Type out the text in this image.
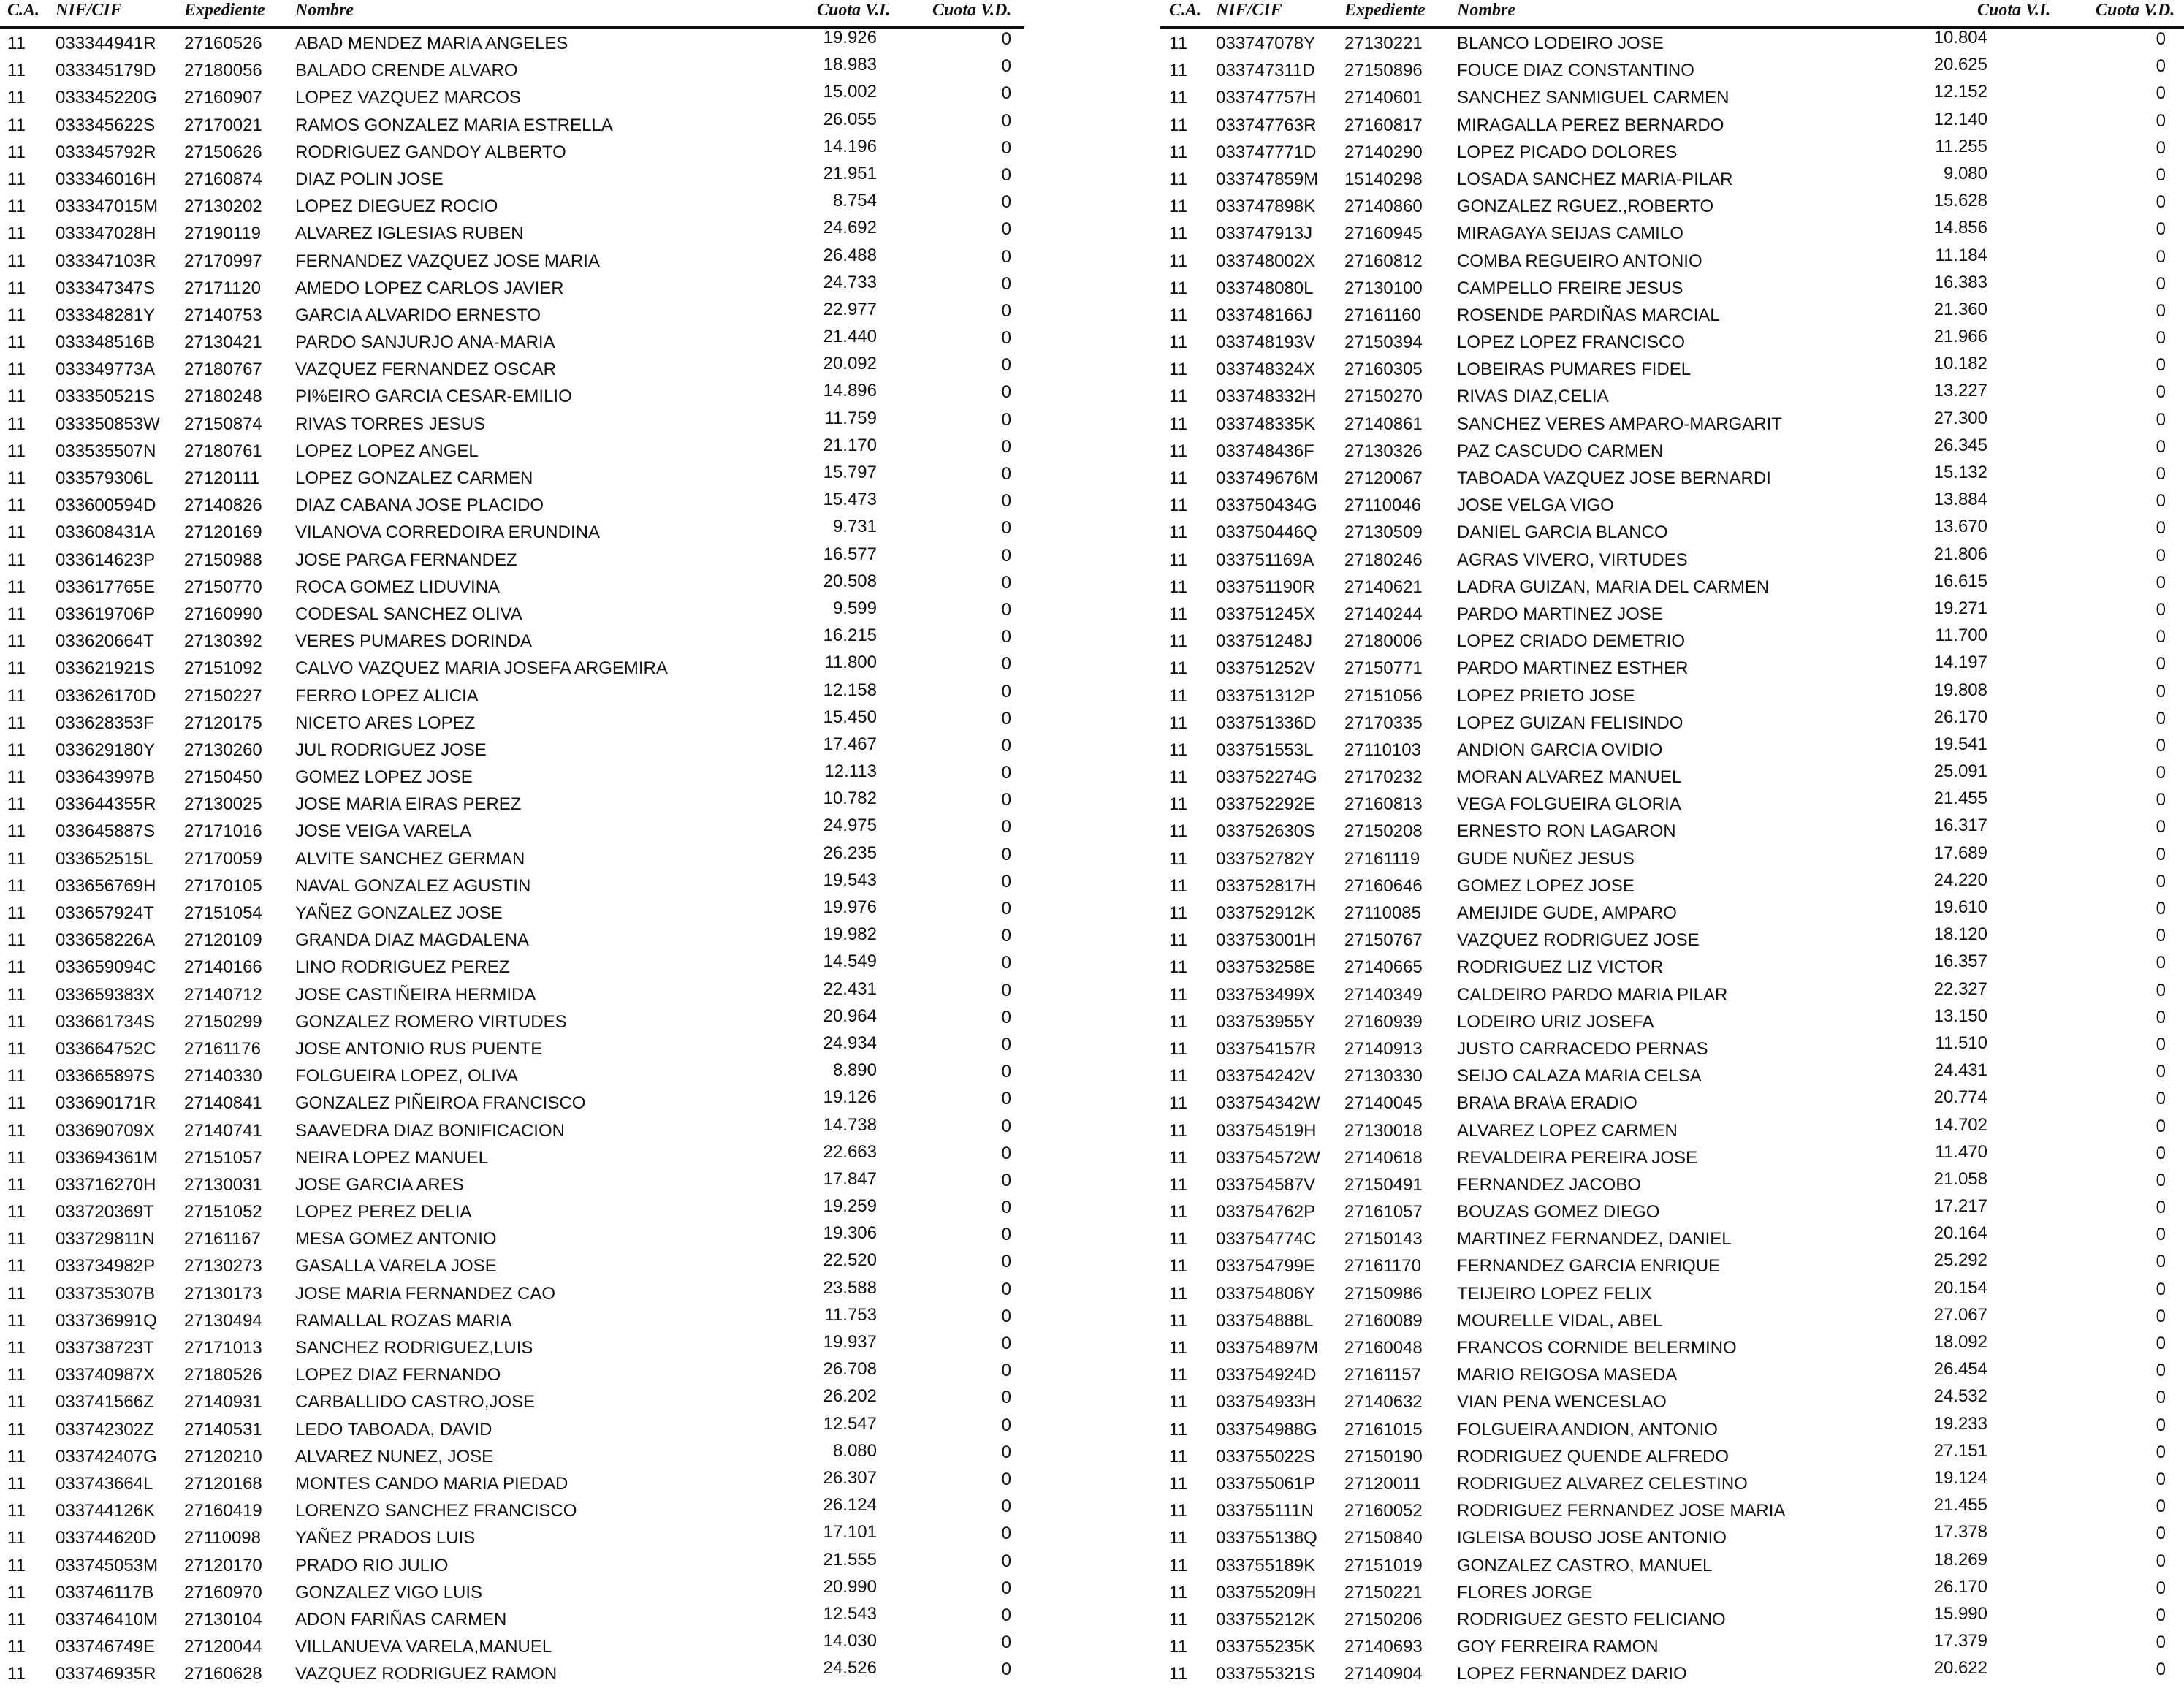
C.A. NIF/CIF	Expediente Nombre	Cuota V.I. Cuota V.D.
11 033344941R 27160526 ABAD MENDEZ MARIA ANGELES	19.926	0
11 033345179D 27180056 BALADO CRENDE ALVARO	18.983	0
11 033345220G 27160907 LOPEZ VAZQUEZ MARCOS	15.002	0
11 033345622S 27170021 RAMOS GONZALEZ MARIA ESTRELLA	26.055	0
11 033345792R 27150626 RODRIGUEZ GANDOY ALBERTO	14.196	0
11 033346016H 27160874 DIAZ POLIN JOSE	21.951	0
11 033347015M 27130202 LOPEZ DIEGUEZ ROCIO	8.754	0
11 033347028H 27190119 ALVAREZ IGLESIAS RUBEN	24.692	0
11 033347103R 27170997 FERNANDEZ VAZQUEZ JOSE MARIA	26.488	0
11 033347347S 27171120 AMEDO LOPEZ CARLOS JAVIER	24.733	0
11 033348281Y 27140753 GARCIA ALVARIDO ERNESTO	22.977	0
11 033348516B 27130421 PARDO SANJURJO ANA-MARIA	21.440	0
11 033349773A 27180767 VAZQUEZ FERNANDEZ OSCAR	20.092	0
11 033350521S 27180248 PI%EIRO GARCIA CESAR-EMILIO	14.896	0
11 033350853W 27150874 RIVAS TORRES JESUS	11.759	0
11 033535507N 27180761 LOPEZ LOPEZ ANGEL	21.170	0
11 033579306L 27120111 LOPEZ GONZALEZ CARMEN	15.797	0
11 033600594D 27140826 DIAZ CABANA JOSE PLACIDO	15.473	0
11 033608431A 27120169 VILANOVA CORREDOIRA ERUNDINA	9.731	0
11 033614623P 27150988 JOSE PARGA FERNANDEZ	16.577	0
11 033617765E 27150770 ROCA GOMEZ LIDUVINA	20.508	0
11 033619706P 27160990 CODESAL SANCHEZ OLIVA	9.599	0
11 033620664T 27130392 VERES PUMARES DORINDA	16.215	0
11 033621921S 27151092 CALVO VAZQUEZ MARIA JOSEFA ARGEMIRA	11.800	0
11 033626170D 27150227 FERRO LOPEZ ALICIA	12.158	0
11 033628353F 27120175 NICETO ARES LOPEZ	15.450	0
11 033629180Y 27130260 JUL RODRIGUEZ JOSE	17.467	0
11 033643997B 27150450 GOMEZ LOPEZ JOSE	12.113	0
11 033644355R 27130025 JOSE MARIA EIRAS PEREZ	10.782	0
11 033645887S 27171016 JOSE VEIGA VARELA	24.975	0
11 033652515L 27170059 ALVITE SANCHEZ GERMAN	26.235	0
11 033656769H 27170105 NAVAL GONZALEZ AGUSTIN	19.543	0
11 033657924T 27151054 YAÑEZ GONZALEZ JOSE	19.976	0
11 033658226A 27120109 GRANDA DIAZ MAGDALENA	19.982	0
11 033659094C 27140166 LINO RODRIGUEZ PEREZ	14.549	0
11 033659383X 27140712 JOSE CASTIÑEIRA HERMIDA	22.431	0
11 033661734S 27150299 GONZALEZ ROMERO VIRTUDES	20.964	0
11 033664752C 27161176 JOSE ANTONIO RUS PUENTE	24.934	0
11 033665897S 27140330 FOLGUEIRA LOPEZ, OLIVA	8.890	0
11 033690171R 27140841 GONZALEZ PIÑEIROA FRANCISCO	19.126	0
11 033690709X 27140741 SAAVEDRA DIAZ BONIFICACION	14.738	0
11 033694361M 27151057 NEIRA LOPEZ MANUEL	22.663	0
11 033716270H 27130031 JOSE GARCIA ARES	17.847	0
11 033720369T 27151052 LOPEZ PEREZ DELIA	19.259	0
11 033729811N 27161167 MESA GOMEZ ANTONIO	19.306	0
11 033734982P 27130273 GASALLA VARELA JOSE	22.520	0
11 033735307B 27130173 JOSE MARIA FERNANDEZ CAO	23.588	0
11 033736991Q 27130494 RAMALLAL ROZAS MARIA	11.753	0
11 033738723T 27171013 SANCHEZ RODRIGUEZ,LUIS	19.937	0
11 033740987X 27180526 LOPEZ DIAZ FERNANDO	26.708	0
11 033741566Z 27140931 CARBALLIDO CASTRO,JOSE	26.202	0
11 033742302Z 27140531 LEDO TABOADA, DAVID	12.547	0
11 033742407G 27120210 ALVAREZ NUNEZ, JOSE	8.080	0
11 033743664L 27120168 MONTES CANDO MARIA PIEDAD	26.307	0
11 033744126K 27160419 LORENZO SANCHEZ FRANCISCO	26.124	0
11 033744620D 27110098 YAÑEZ PRADOS LUIS	17.101	0
11 033745053M 27120170 PRADO RIO JULIO	21.555	0
11 033746117B 27160970 GONZALEZ VIGO LUIS	20.990	0
11 033746410M 27130104 ADON FARIÑAS CARMEN	12.543	0
11 033746749E 27120044 VILLANUEVA VARELA,MANUEL	14.030	0
11 033746935R 27160628 VAZQUEZ RODRIGUEZ RAMON	24.526	0
C.A. NIF/CIF	Expediente Nombre	Cuota V.I.	Cuota V.D.
11 033747078Y 27130221 BLANCO LODEIRO JOSE	10.804	0
11 033747311D 27150896 FOUCE DIAZ CONSTANTINO	20.625	0
11 033747757H 27140601 SANCHEZ SANMIGUEL CARMEN	12.152	0
11 033747763R 27160817 MIRAGALLA PEREZ BERNARDO	12.140	0
11 033747771D 27140290 LOPEZ PICADO DOLORES	11.255	0
11 033747859M 15140298 LOSADA SANCHEZ MARIA-PILAR	9.080	0
11 033747898K 27140860 GONZALEZ RGUEZ.,ROBERTO	15.628	0
11 033747913J 27160945 MIRAGAYA SEIJAS CAMILO	14.856	0
11 033748002X 27160812 COMBA REGUEIRO ANTONIO	11.184	0
11 033748080L 27130100 CAMPELLO FREIRE JESUS	16.383	0
11 033748166J 27161160 ROSENDE PARDIÑAS MARCIAL	21.360	0
11 033748193V 27150394 LOPEZ LOPEZ FRANCISCO	21.966	0
11 033748324X 27160305 LOBEIRAS PUMARES FIDEL	10.182	0
11 033748332H 27150270 RIVAS DIAZ,CELIA	13.227	0
11 033748335K 27140861 SANCHEZ VERES AMPARO-MARGARIT	27.300	0
11 033748436F 27130326 PAZ CASCUDO CARMEN	26.345	0
11 033749676M 27120067 TABOADA VAZQUEZ JOSE BERNARDI	15.132	0
11 033750434G 27110046 JOSE VELGA VIGO	13.884	0
11 033750446Q 27130509 DANIEL GARCIA BLANCO	13.670	0
11 033751169A 27180246 AGRAS VIVERO, VIRTUDES	21.806	0
11 033751190R 27140621 LADRA GUIZAN, MARIA DEL CARMEN	16.615	0
11 033751245X 27140244 PARDO MARTINEZ JOSE	19.271	0
11 033751248J 27180006 LOPEZ CRIADO DEMETRIO	11.700	0
11 033751252V 27150771 PARDO MARTINEZ ESTHER	14.197	0
11 033751312P 27151056 LOPEZ PRIETO JOSE	19.808	0
11 033751336D 27170335 LOPEZ GUIZAN FELISINDO	26.170	0
11 033751553L 27110103 ANDION GARCIA OVIDIO	19.541	0
11 033752274G 27170232 MORAN ALVAREZ MANUEL	25.091	0
11 033752292E 27160813 VEGA FOLGUEIRA GLORIA	21.455	0
11 033752630S 27150208 ERNESTO RON LAGARON	16.317	0
11 033752782Y 27161119 GUDE NUÑEZ JESUS	17.689	0
11 033752817H 27160646 GOMEZ LOPEZ JOSE	24.220	0
11 033752912K 27110085 AMEIJIDE GUDE, AMPARO	19.610	0
11 033753001H 27150767 VAZQUEZ RODRIGUEZ JOSE	18.120	0
11 033753258E 27140665 RODRIGUEZ LIZ VICTOR	16.357	0
11 033753499X 27140349 CALDEIRO PARDO MARIA PILAR	22.327	0
11 033753955Y 27160939 LODEIRO URIZ JOSEFA	13.150	0
11 033754157R 27140913 JUSTO CARRACEDO PERNAS	11.510	0
11 033754242V 27130330 SEIJO CALAZA MARIA CELSA	24.431	0
11 033754342W 27140045 BRA\A BRA\A ERADIO	20.774	0
11 033754519H 27130018 ALVAREZ LOPEZ CARMEN	14.702	0
11 033754572W 27140618 REVALDEIRA PEREIRA JOSE	11.470	0
11 033754587V 27150491 FERNANDEZ JACOBO	21.058	0
11 033754762P 27161057 BOUZAS GOMEZ DIEGO	17.217	0
11 033754774C 27150143 MARTINEZ FERNANDEZ, DANIEL	20.164	0
11 033754799E 27161170 FERNANDEZ GARCIA ENRIQUE	25.292	0
11 033754806Y 27150986 TEIJEIRO LOPEZ FELIX	20.154	0
11 033754888L 27160089 MOURELLE VIDAL, ABEL	27.067	0
11 033754897M 27160048 FRANCOS CORNIDE BELERMINO	18.092	0
11 033754924D 27161157 MARIO REIGOSA MASEDA	26.454	0
11 033754933H 27140632 VIAN PENA WENCESLAO	24.532	0
11 033754988G 27161015 FOLGUEIRA ANDION, ANTONIO	19.233	0
11 033755022S 27150190 RODRIGUEZ QUENDE ALFREDO	27.151	0
11 033755061P 27120011 RODRIGUEZ ALVAREZ CELESTINO	19.124	0
11 033755111N 27160052 RODRIGUEZ FERNANDEZ JOSE MARIA	21.455	0
11 033755138Q 27150840 IGLEISA BOUSO JOSE ANTONIO	17.378	0
11 033755189K 27151019 GONZALEZ CASTRO, MANUEL	18.269	0
11 033755209H 27150221 FLORES JORGE	26.170	0
11 033755212K 27150206 RODRIGUEZ GESTO FELICIANO	15.990	0
11 033755235K 27140693 GOY FERREIRA RAMON	17.379	0
11 033755321S 27140904 LOPEZ FERNANDEZ DARIO	20.622	0
